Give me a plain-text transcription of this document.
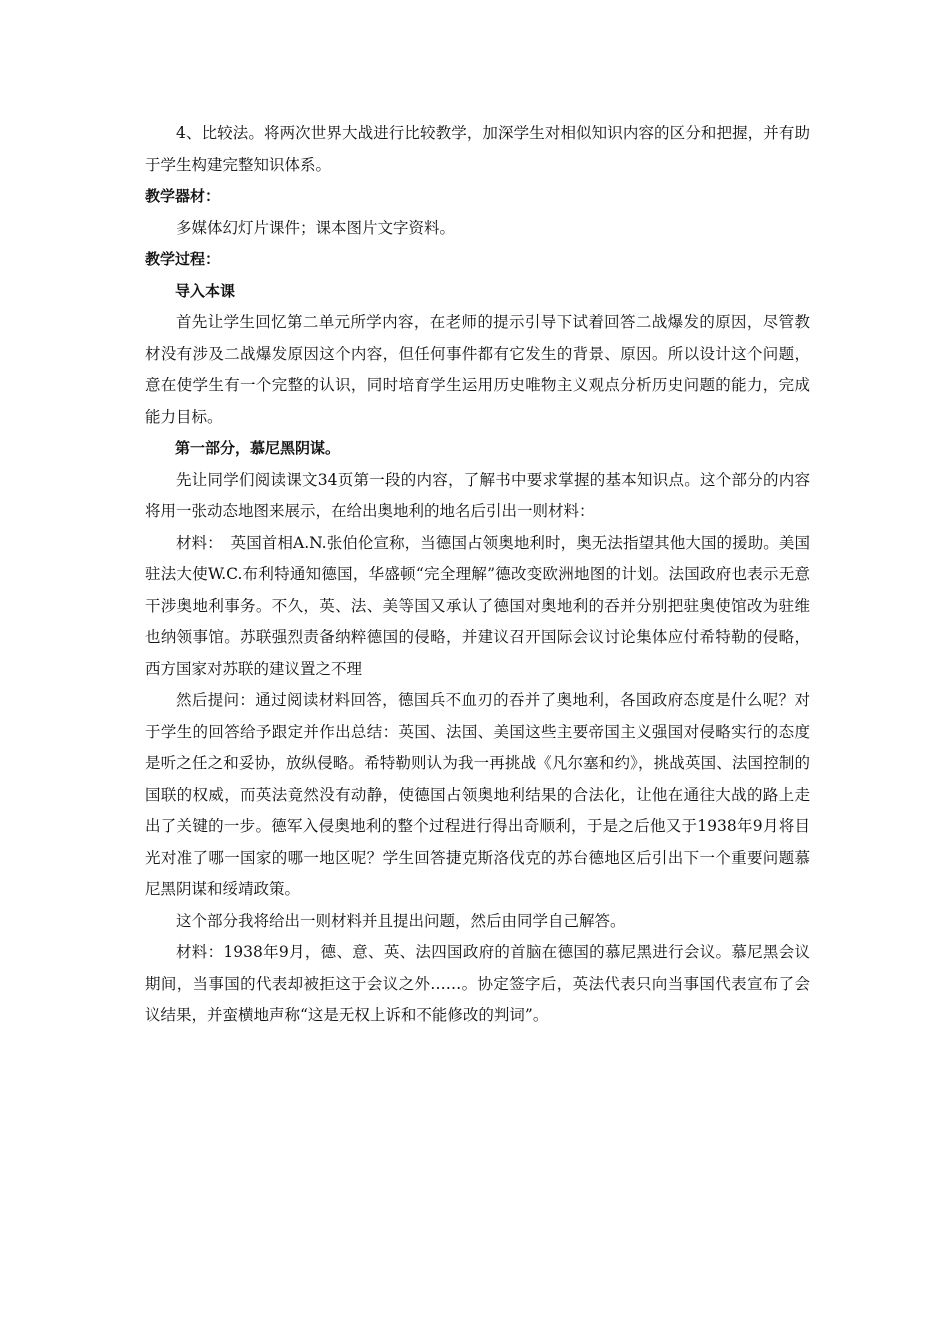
4、比较法。将两次世界大战进行比较教学，加深学生对相似知识内容的区分和把握，并有助于学生构建完整知识体系。

教学器材：

多媒体幻灯片课件；课本图片文字资料。

教学过程：

导入本课

首先让学生回忆第二单元所学内容，在老师的提示引导下试着回答二战爆发的原因，尽管教材没有涉及二战爆发原因这个内容，但任何事件都有它发生的背景、原因。所以设计这个问题，意在使学生有一个完整的认识，同时培育学生运用历史唯物主义观点分析历史问题的能力，完成能力目标。

第一部分，慕尼黑阴谋。

先让同学们阅读课文34页第一段的内容，了解书中要求掌握的基本知识点。这个部分的内容将用一张动态地图来展示，在给出奥地利的地名后引出一则材料：

材料：　英国首相A.N.张伯伦宣称，当德国占领奥地利时，奥无法指望其他大国的援助。美国驻法大使W.C.布利特通知德国，华盛顿“完全理解”德改变欧洲地图的计划。法国政府也表示无意干涉奥地利事务。不久，英、法、美等国又承认了德国对奥地利的吞并分别把驻奥使馆改为驻维也纳领事馆。苏联强烈责备纳粹德国的侵略，并建议召开国际会议讨论集体应付希特勒的侵略，西方国家对苏联的建议置之不理

然后提问：通过阅读材料回答，德国兵不血刃的吞并了奥地利，各国政府态度是什么呢？对于学生的回答给予跟定并作出总结：英国、法国、美国这些主要帝国主义强国对侵略实行的态度是听之任之和妥协，放纵侵略。希特勒则认为我一再挑战《凡尔塞和约》，挑战英国、法国控制的国联的权威，而英法竟然没有动静，使德国占领奥地利结果的合法化，让他在通往大战的路上走出了关键的一步。德军入侵奥地利的整个过程进行得出奇顺利，于是之后他又于1938年9月将目光对准了哪一国家的哪一地区呢？学生回答捷克斯洛伐克的苏台德地区后引出下一个重要问题慕尼黑阴谋和绥靖政策。

这个部分我将给出一则材料并且提出问题，然后由同学自己解答。

材料：1938年9月，德、意、英、法四国政府的首脑在德国的慕尼黑进行会议。慕尼黑会议期间，当事国的代表却被拒这于会议之外……。协定签字后，英法代表只向当事国代表宣布了会议结果，并蛮横地声称“这是无权上诉和不能修改的判词”。
